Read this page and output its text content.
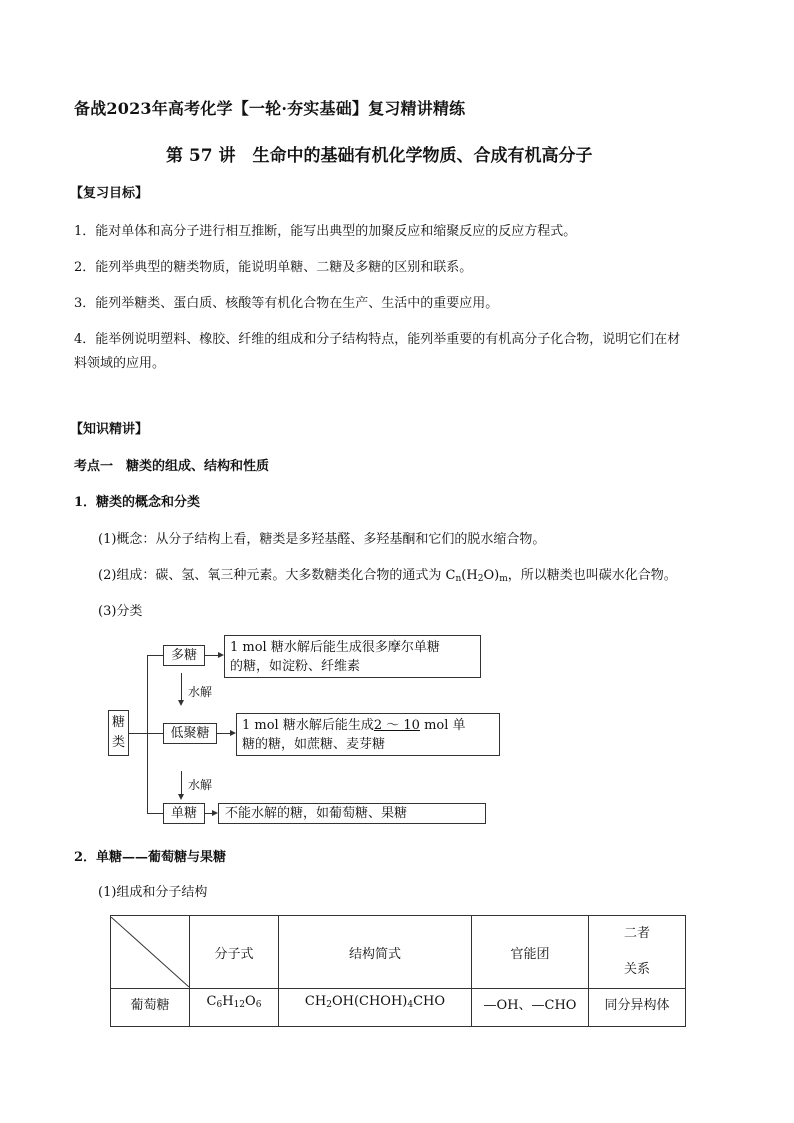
备战2023年高考化学【一轮·夯实基础】复习精讲精练
第 57 讲　生命中的基础有机化学物质、合成有机高分子
【复习目标】
1．能对单体和高分子进行相互推断，能写出典型的加聚反应和缩聚反应的反应方程式。
2．能列举典型的糖类物质，能说明单糖、二糖及多糖的区别和联系。
3．能列举糖类、蛋白质、核酸等有机化合物在生产、生活中的重要应用。
4．能举例说明塑料、橡胶、纤维的组成和分子结构特点，能列举重要的有机高分子化合物，说明它们在材
料领域的应用。
【知识精讲】
考点一　糖类的组成、结构和性质
1．糖类的概念和分类
(1)概念：从分子结构上看，糖类是多羟基醛、多羟基酮和它们的脱水缩合物。
(2)组成：碳、氢、氧三种元素。大多数糖类化合物的通式为 $C_n(H_2O)_m$，所以糖类也叫碳水化合物。
(3)分类
糖
类
多糖
1 mol 糖水解后能生成很多摩尔单糖
的糖，如淀粉、纤维素
水解
低聚糖
1 mol 糖水解后能生成2 ～ 10 mol 单
糖的糖，如蔗糖、麦芽糖
水解
单糖	不能水解的糖，如葡萄糖、果糖
2．单糖——葡萄糖与果糖
(1)组成和分子结构
	分子式	结构简式	官能团	二者
关系

葡萄糖	$C_6H_{12}O_6$	$CH_2OH(CHOH)_4CHO$	—OH、—CHO	同分异构体
